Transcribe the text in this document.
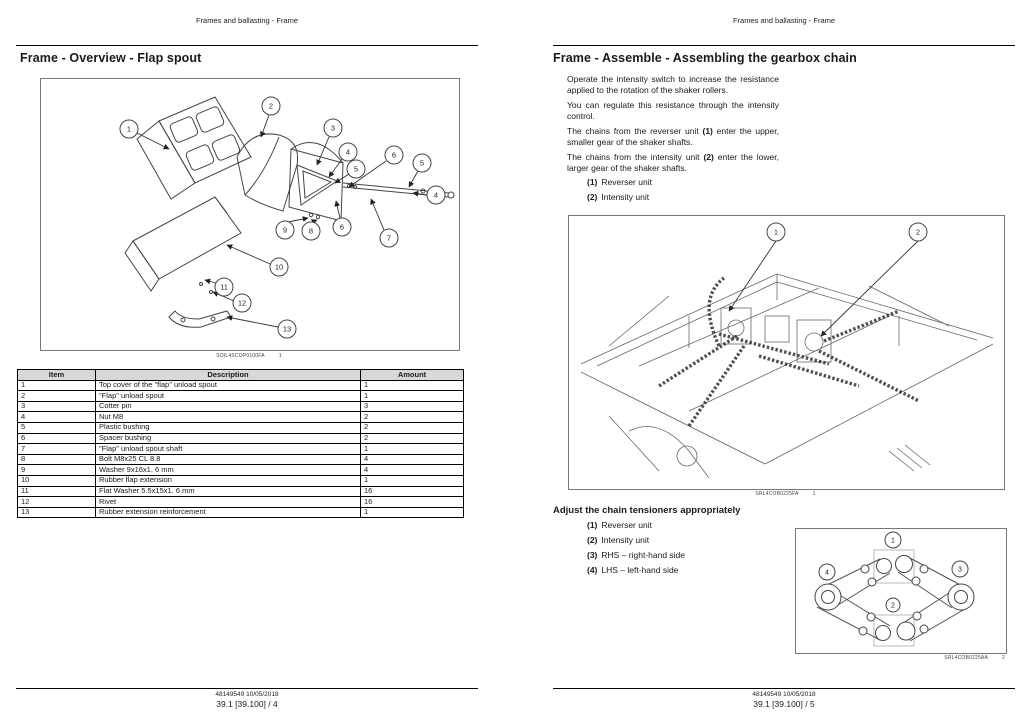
Frames and ballasting - Frame
Frame - Overview - Flap spout
1
2
3
4
5
6
5
4
9	8	6
7
10
11
12
13
SOIL4SCOP0100FA	1
Item	Description	Amount
1	Top cover of the "flap" unload spout	1
2	"Flap" unload spout	1
3	Cotter pin	3
4	Nut M8	2
5	Plastic bushing	2
6	Spacer bushing	2
7	"Flap" unload spout shaft	1
8	Bolt M8x25 CL 8.8	4
9	Washer 9x16x1. 6 mm	4
10	Rubber flap extension	1
11	Flat Washer 5.5x15x1. 6 mm	16
12	Rivet	16
13	Rubber extension reinforcement	1
48149549 10/05/2018
39.1 [39.100] / 4
Frames and ballasting - Frame
Frame - Assemble - Assembling the gearbox chain

Operate the intensity switch to increase the resistance applied to the rotation of the shaker rollers.

You can regulate this resistance through the intensity control.

The chains from the reverser unit (1) enter the upper, smaller gear of the shaker shafts.

The chains from the intensity unit (2) enter the lower, larger gear of the shaker shafts.

(1) Reverser unit
(2) Intensity unit
1	2
SRL4COB0225FA	1
Adjust the chain tensioners appropriately
(1) Reverser unit
(2) Intensity unit
(3) RHS – right-hand side
(4) LHS – left-hand side
1
2
3
4
SRL4COB0225AA	2
48149549 10/05/2018
39.1 [39.100] / 5
